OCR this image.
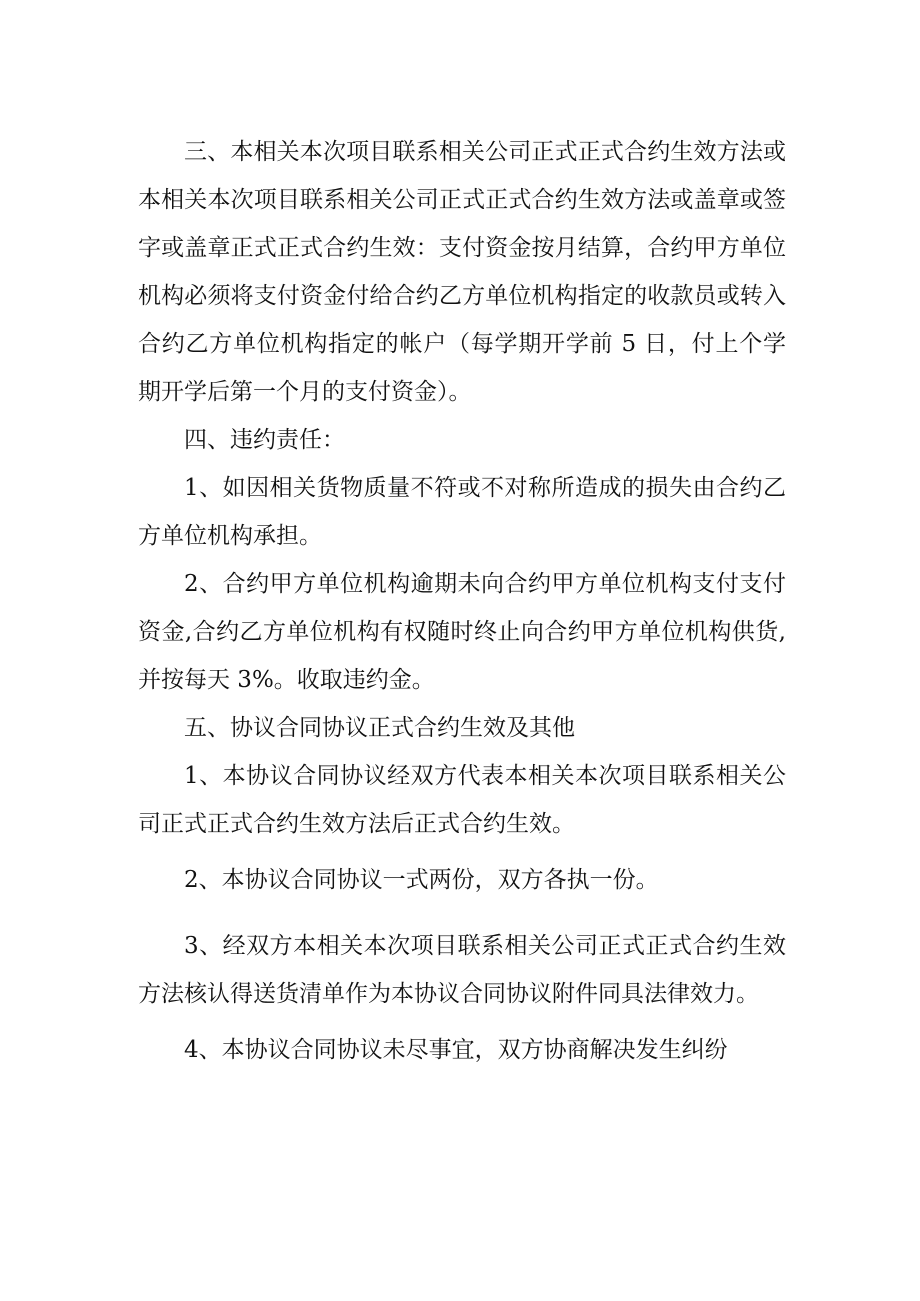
三、本相关本次项目联系相关公司正式正式合约生效方法或本相关本次项目联系相关公司正式正式合约生效方法或盖章或签字或盖章正式正式合约生效：支付资金按月结算，合约甲方单位机构必须将支付资金付给合约乙方单位机构指定的收款员或转入合约乙方单位机构指定的帐户（每学期开学前 5 日，付上个学期开学后第一个月的支付资金）。

四、违约责任：

1、如因相关货物质量不符或不对称所造成的损失由合约乙方单位机构承担。

2、合约甲方单位机构逾期未向合约甲方单位机构支付支付资金,合约乙方单位机构有权随时终止向合约甲方单位机构供货,并按每天 3%。收取违约金。

五、协议合同协议正式合约生效及其他

1、本协议合同协议经双方代表本相关本次项目联系相关公司正式正式合约生效方法后正式合约生效。

2、本协议合同协议一式两份，双方各执一份。

3、经双方本相关本次项目联系相关公司正式正式合约生效方法核认得送货清单作为本协议合同协议附件同具法律效力。

4、本协议合同协议未尽事宜，双方协商解决发生纠纷
